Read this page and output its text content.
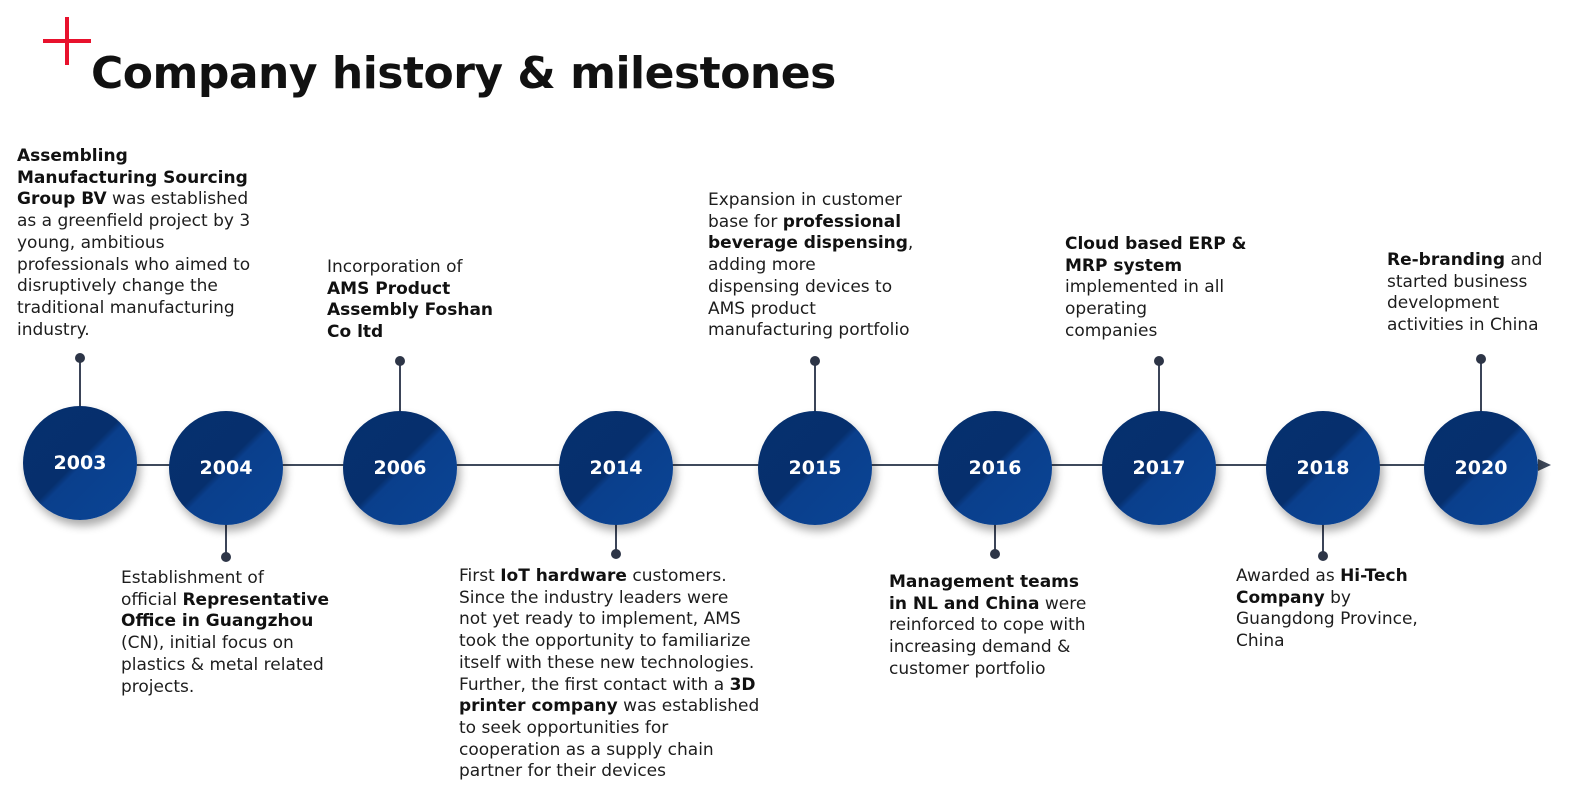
Company history & milestones
2003

Assembling
Manufacturing Sourcing
Group BV was established
as a greenfield project by 3
young, ambitious
professionals who aimed to
disruptively change the
traditional manufacturing
industry.

2004

Establishment of
official Representative
Office in Guangzhou
(CN), initial focus on
plastics & metal related
projects.

2006

Incorporation of
AMS Product
Assembly Foshan
Co ltd

2014

First IoT hardware customers.
Since the industry leaders were
not yet ready to implement, AMS
took the opportunity to familiarize
itself with these new technologies.
Further, the first contact with a 3D
printer company was established
to seek opportunities for
cooperation as a supply chain
partner for their devices

2015

Expansion in customer
base for professional
beverage dispensing,
adding more
dispensing devices to
AMS product
manufacturing portfolio

2016

Management teams
in NL and China were
reinforced to cope with
increasing demand &
customer portfolio

2017

Cloud based ERP &
MRP system
implemented in all
operating
companies

2018

Awarded as Hi-Tech
Company by
Guangdong Province,
China

2020

Re-branding and
started business
development
activities in China
